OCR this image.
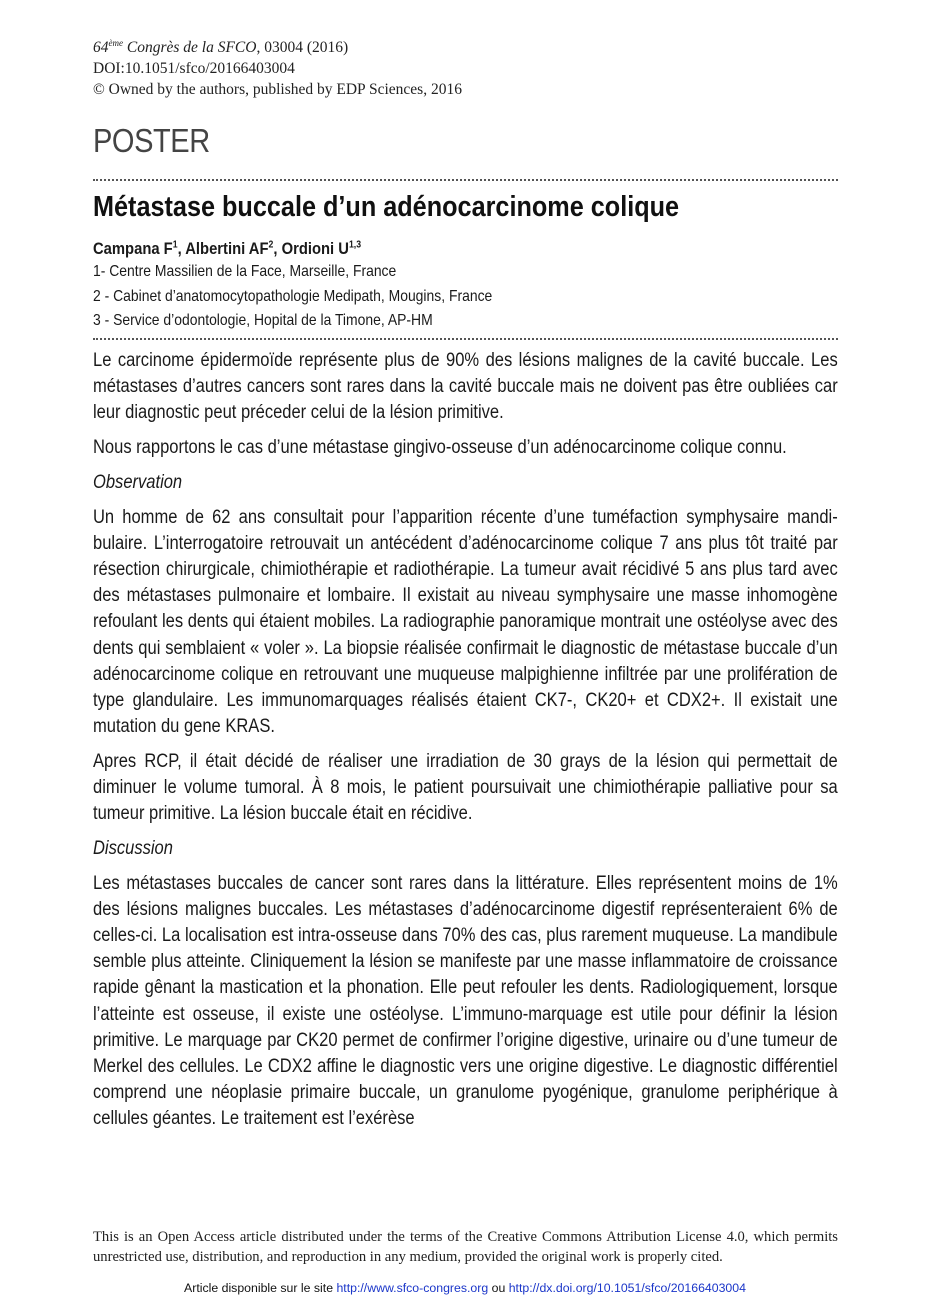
64ème Congrès de la SFCO, 03004 (2016)
DOI:10.1051/sfco/20166403004
© Owned by the authors, published by EDP Sciences, 2016
POSTER
Métastase buccale d’un adénocarcinome colique
Campana $F^1$, Albertini $AF^2$, Ordioni U$^{1,3}$
1- Centre Massilien de la Face, Marseille, France
2 - Cabinet d’anatomocytopathologie Medipath, Mougins, France
3 - Service d’odontologie, Hopital de la Timone, AP-HM

Le carcinome épidermoïde représente plus de 90% des lésions malignes de la cavité buccale. Les métastases d’autres cancers sont rares dans la cavité buccale mais ne doivent pas être oubliées car leur diagnostic peut préceder celui de la lésion primitive.

Nous rapportons le cas d’une métastase gingivo-osseuse d’un adénocarcinome colique connu.

Observation

Un homme de 62 ans consultait pour l’apparition récente d’une tuméfaction symphysaire mandibulaire. L’interrogatoire retrouvait un antécédent d’adénocarcinome colique 7 ans plus tôt traité par résection chirurgicale, chimiothérapie et radiothérapie. La tumeur avait récidivé 5 ans plus tard avec des métastases pulmonaire et lombaire. Il existait au niveau symphysaire une masse inhomogène refoulant les dents qui étaient mobiles. La radiographie panoramique montrait une ostéolyse avec des dents qui semblaient « voler ». La biopsie réalisée confirmait le diagnostic de métastase buccale d’un adénocarcinome colique en retrouvant une muqueuse malpighienne infiltrée par une prolifération de type glandulaire. Les immunomarquages réalisés étaient CK7-, CK20+ et CDX2+. Il existait une mutation du gene KRAS.

Apres RCP, il était décidé de réaliser une irradiation de 30 grays de la lésion qui permettait de diminuer le volume tumoral. À 8 mois, le patient poursuivait une chimiothérapie palliative pour sa tumeur primitive. La lésion buccale était en récidive.

Discussion

Les métastases buccales de cancer sont rares dans la littérature. Elles représentent moins de 1% des lésions malignes buccales. Les métastases d’adénocarcinome digestif représenteraient 6% de celles-ci. La localisation est intra-osseuse dans 70% des cas, plus rarement muqueuse. La mandibule semble plus atteinte. Cliniquement la lésion se manifeste par une masse inflammatoire de croissance rapide gênant la mastication et la phonation. Elle peut refouler les dents. Radiologiquement, lorsque l’atteinte est osseuse, il existe une ostéolyse. L’immuno-marquage est utile pour définir la lésion primitive. Le marquage par CK20 permet de confirmer l’origine digestive, urinaire ou d’une tumeur de Merkel des cellules. Le CDX2 affine le diagnostic vers une origine digestive. Le diagnostic différentiel comprend une néoplasie primaire buccale, un granulome pyogénique, granulome periphérique à cellules géantes. Le traitement est l’exérèse

This is an Open Access article distributed under the terms of the Creative Commons Attribution License 4.0, which permits unrestricted use, distribution, and reproduction in any medium, provided the original work is properly cited.
Article disponible sur le site http://www.sfco-congres.org ou http://dx.doi.org/10.1051/sfco/20166403004
